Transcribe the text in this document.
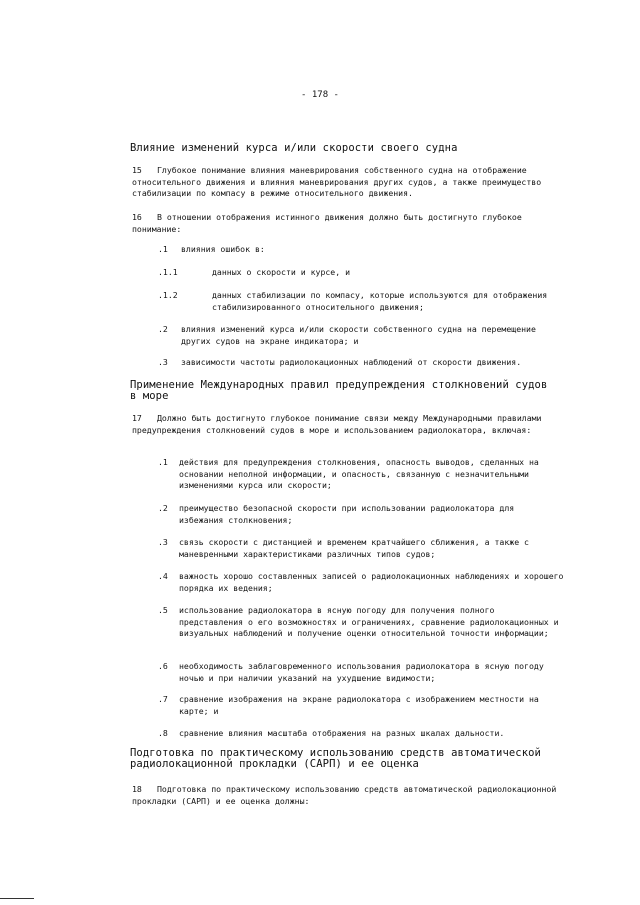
- 178 -
Влияние изменений курса и/или скорости своего судна
15	Глубокое понимание влияния маневрирования собственного судна на отображение относительного движения и влияния маневрирования других судов, а также преимущество стабилизации по компасу в режиме относительного движения.

16	В отношении отображения истинного движения должно быть достигнуто глубокое понимание:

.1 влияния ошибок в:

.1.1	данных о скорости и курсе, и

.1.2	данных стабилизации по компасу, которые используются для отображения стабилизированного относительного движения;

.2 влияния изменений курса и/или скорости собственного судна на перемещение других судов на экране индикатора; и

.3 зависимости частоты радиолокационных наблюдений от скорости движения.

Применение Международных правил предупреждения столкновений судов в море
17	Должно быть достигнуто глубокое понимание связи между Международными правилами предупреждения столкновений судов в море и использованием радиолокатора, включая:

.1 действия для предупреждения столкновения, опасность выводов, сделанных на основании неполной информации, и опасность, связанную с незначительными изменениями курса или скорости;

.2 преимущество безопасной скорости при использовании радиолокатора для избежания столкновения;

.3 связь скорости с дистанцией и временем кратчайшего сближения, а также с маневренными характеристиками различных типов судов;

.4 важность хорошо составленных записей о радиолокационных наблюдениях и хорошего порядка их ведения;

.5 использование радиолокатора в ясную погоду для получения полного представления о его возможностях и ограничениях, сравнение радиолокационных и визуальных наблюдений и получение оценки относительной точности информации;

.6 необходимость заблаговременного использования радиолокатора в ясную погоду ночью и при наличии указаний на ухудшение видимости;

.7 сравнение изображения на экране радиолокатора с изображением местности на карте; и

.8 сравнение влияния масштаба отображения на разных шкалах дальности.

Подготовка по практическому использованию средств автоматической радиолокационной прокладки (САРП) и ее оценка
18	Подготовка по практическому использованию средств автоматической радиолокационной прокладки (САРП) и ее оценка должны:
